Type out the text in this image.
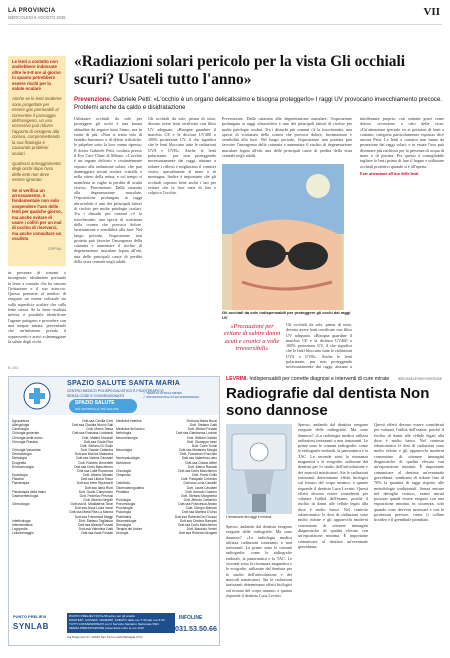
LA PROVINCIA
MERCOLEDÌ 6 AGOSTO 2025	VII

Le lenti a contatto non andrebbero indossate oltre le 6-8 ore al giorno in quanto potrebbero essere rischi per la salute oculare

Anche se le lenti moderne sono progettate per essere gas permeabili al consentire il passaggio dell'ossigeno, un uso eccessivo può ridurre l'apporto di ossigeno alla cornea, compromettendo la sua fisiologia e causando problemi oculari

Qualsiasi armeggiamento degli occhi dopo l'uso delle lenti non deve essere ignorato

Se si verifica un arrossamento, è fondamentale non solo sospendere l'uso delle lenti per qualche giorno, ma anche evitare di usare i colliri per un mal di occhio di riservarci, ma anche consultare un oculista

GIPPIAL
«Radiazioni solari pericolo per la vista Gli occhiali scuri? Usateli tutto l'anno»

Prevenzione. Gabriele Petti: «L'occhio è un organo delicatissimo e bisogna proteggerlo» I raggi UV provocano invecchiamento precoce. Problemi anche da caldo e disidratazione

in presenza di sintomi o insorgenze, idealmente portando la lente a contatto che ha causato l'irritazione e il suo astuccio. Questo permette al medico di eseguire un esame colturale sia sulla superficie oculare che sulla lente stessa. Se la lente risultata infetta, è possibile identificare l'agente patogeno e procedere con una terapia mirata, prevenendo che un'infezione prenda il sopravvento e arrivi a danneggiare la salute degli occhi.
E. DIC
Utilizzare occhiali da sole per proteggere gli occhi è una buona abitudine da seguire tutto l'anno, ma in estate di più. «Non si tratta solo di fastidio luminoso o di difese stilistiche: le palpebre sotto la luce vanno ripresa» Il dottor Gabriele Petti, oculista presso il Eye Care Clinic di Milano. «L'occhio è un organo delicato e costantemente esposto alla radiazione solare, che può danneggiare tessuti oculari: cristalli, e nella vitreo della retina, e col tempo si manifesta in rughe la perdita di acuità visiva». Prevenzione. Dalla cataratta alla degenerazione maculare, l'esposizione prolungata ai raggi ultravioletti è uno dei principali fattori di rischio per molte patologie oculari. Tra i disturbi più comuni c'è la fotocheratite, una specie di scottatura della cornea che provoca dolore, lacrimazione e sensibilità alla luce. Nel lungo periodo, l'esposizione non protetta può favorire l'insorgenza della cataratta e aumentare il rischio di degenerazione maculare legata all'età, una delle principali cause di perdita della vista centrale negli adulti.
Gli occhiali da sole, prima di tutto, devono avere lenti certificate con filtro UV adeguato. «Bisogna guardare il marchio CE e la dicitura UV400 o 100% protezione UV, il che significa che le lenti bloccano tutte le radiazioni UVA e UVB». Anche le lenti polarizzate, pur non proteggendo necessariamente dai raggi, aiutano a ridurre i riflessi e migliorano il comfort visivo, specialmente al mare o in montagna. Inoltre è importante che gli occhiali coprano bene anche i lati per evitare che la luce entri di lato e colpisca l'occhio.
Prevenzione. Dalla cataratta alla degenerazione maculare, l'esposizione prolungata ai raggi ultravioletti è uno dei principali fattori di rischio per molte patologie oculari. Tra i disturbi più comuni c'è la fotocheratite, una specie di scottatura della cornea che provoca dolore, lacrimazione e sensibilità alla luce. Nel lungo periodo, l'esposizione non protetta può favorire l'insorgenza della cataratta e aumentare il rischio di degenerazione maculare legata all'età, una delle principali cause di perdita della vista centrale negli adulti.
Gli occhiali da sole indispensabili per proteggere gli occhi dai raggi UV
«Precauzioni per evitare di subire danni acuti e cronici a volte irreversibili»
Gli occhiali da sole, prima di tutto, devono avere lenti certificate con filtro UV adeguato. «Bisogna guardare il marchio CE e la dicitura UV400 o 100% protezione UV, il che significa che le lenti bloccano tutte le radiazioni UVA e UVB». Anche le lenti polarizzate, pur non proteggendo necessariamente dai raggi, aiutano a
intolleranze proprio, con sintomi gravi come dolore, secrezione o calo della vista. «Un'attenzione speciale va ai portatori di lenti a contatto, categoria particolarmente esposta» dice ancora Petti. Le lenti a contatto non fanno da protezione dai raggi solari, e in estate l'uso può diventare più rischioso per la presenza di acqua di mare o di piscina. Per questo è consigliabile togliere le lenti prima di fare il bagno e utilizzare occhiali protettivi quando si è all'aperto.
Fate attenzione all'uso delle lenti
SPAZIO SALUTE SANTA MARIA
CENTRO MEDICO POLISPECIALISTICO E FISIOTERAPICO
SENZA CODE E CONVENZIONATO
SPAZIO SALUTE
PIÙ CONTROLLO, PIÙ SALUTE
✓ TEMPI DI ATTESA MINIMI
✓ PROFESSIONALITÀ ED ESPERIENZA
Agopuntura	Dott.ssa Cecilia Corti
Allergologia	Dott.ssa Claudia Nuovo Sali
Cardiologia	Dott. Marco Tassa
Chirurgia generale	Dott.ssa Rossana Lombardi
Chirurgia della mano	Dott. Matteo Morandi
Chirurgia Plastica	Dott.ssa Giulia Riva
Dott. Stefano Di Giulio
Chirurgia Vascolare	Dott. Davide Calandra
Dermatologia	Dott.ssa Monica Maiorana
Dietologia	Dott.ssa Valeria Giussani
Ecografia	Dott. Roberto Benedetti
Endocrinologia	Dott.ssa Doris Manchinero
Dott.ssa Lidia Rozanova
Epatologia	Dott. Alberto Mariani
Fisiatria	Dott.ssa Liliana Tosco
Fisioterapia	Dott.ssa Irene Ripamonti
Dott.ssa Ilaria Rizzi
Fisioterapia della mano	Dott. Guido Camposino
Gastroenterologia	Dott. Federico Preziosi
Dott. Alberto Negrini
Ginecologia	Dott.ssa M. Maddalena Tanzi
Dott.ssa Anna Lucia Vanzi
Dott.ssa Maria Rita La Manna
Dott.ssa Francesca Maggi
Infettivologia	Dott. Stefano Tagliabue
Infermieristica	Dott.ssa Alessia Fossati
Logopedia	Dott.ssa Valentina Gatti
Linfodrenaggio	Dott.ssa Ilaria Fossati
Medicina estetica	Dott.ssa Marta Buzzi
Dott. Stefano Gatti
Medicina del lavoro	Dott. Miriam Fossati
Nefrologia	Dott.ssa Gianfranca Lorenzi
Neurochirurgia	Dott. William Gatiolo
Dott. Giuseppe Ianni
Dott. Carlo Tonoli
Neurologia	Dott.ssa Marianna Morgia
Dott. Francesco Rocchini
Neuropsicologia	Dott.ssa Valentina Latro
Nutrizione	Dott.ssa Chiara Alfieri
Dott. Marco Rancati
Oncologia	Dott.ssa Doris Manchinero
Ortopedia	Dott. Paolo Grillo
Dott. Pasquale Colombo
Ostetricia	Dott.ssa Lucia Cavallin
Otorinolaringoiatria	Dott. Laura Cavalleri
Pediatria	Dott. Antonio Guarino
Dott. Stefano Margherita
Podologia	Dott. Alfredo Camerino
Pneumologia	Dott.ssa Francesca Amato
Proctologia	Dott. Giorgio Mancini
Psicologia	Dott.ssa Martina D'Urso
Psichiatria	Dott.ssa Roberta Del Grosso
Reumatologia	Dott.ssa Cristina Rampini
Senologia	Dott.ssa Doris Manchinero
Terapia del dolore	Dott. Maurizio Venini
Urologia	Dott.ssa Roberta Neugerti
PUNTO PRELIEVI
SYNLAB
PUNTO PRELIEVI SYNLAB attivo per gli analisi
MARTEDÌ, GIOVEDÌ, VENERDÌ, SABATO dalle ore 7:30 alle ore 9:30
TUTTI CONVENZIONATI con il Servizio Sanitario Nazionale SSN
SENZA PRENOTAZIONE presentarsi entro le ore 9:00
Via Rigamonti 27, 22040 San Fermo della Battaglia (CO)
INFOLINE
031.53.50.66
LEVRINI. Indispensabili per corrette diagnosi e interventi di cure mirate	BREVASELEVRIN RISPONDE
Radiografie dal dentista Non sono dannose
L'emissione dei raggi è minima
Spesso, andando dal dentista vengono eseguite delle radiografie. Ma sono dannose? «La radiologia medica utilizza radiazioni ionizzanti a non ionizzanti. Le prime sono le comuni radiografie, come le radiografie endorali, la panoramica e la TAC. Le seconde sono la risonanza magnetica e le ecografie, utilizzate dal dentista per lo studio dell'articolazione e dei muscoli masticatori. Sia le radiazioni ionizzanti determinano effetti biologici sul tessuto del corpo umano» a quanto risponde il dentista Luca Levrini.
Spesso, andando dal dentista vengono eseguite delle radiografie. Ma sono dannose? «La radiologia medica utilizza radiazioni ionizzanti a non ionizzanti. Le prime sono le comuni radiografie, come le radiografie endorali, la panoramica e la TAC. Le seconde sono la risonanza magnetica e le ecografie, utilizzate dal dentista per lo studio dell'articolazione e dei muscoli masticatori. Sia le radiazioni ionizzanti determinano effetti biologici sul tessuto del corpo umano» a quanto risponde il dentista Luca Levrini. Questi effetti devono essere considerati per valutare l'utilità dell'esame, poiché il rischio di danni alle cellule legati alla dose è molto basso. Nel contesto odontoiatrico le dosi di radiazioni sono molto ridotte e gli apparecchi moderni consentono di ottenere immagini diagnostiche di qualità elevata con un'esposizione minima. È importante comunicare al dentista un'eventuale gravidanza.
Questi effetti devono essere considerati per valutare l'utilità dell'esame, poiché il rischio di danni alle cellule legati alla dose è molto basso. Nel contesto odontoiatrico le dosi di radiazioni sono molto ridotte e gli apparecchi moderni consentono di ottenere immagini diagnostiche di qualità elevata con un'esposizione minima. È importante comunicare al dentista un'eventuale gravidanza. sembrano di ridurre fino al 70% la quantità di raggi rispetto alle metodologie tradizionali. Senza entrare nel dettaglio tecnico, esami mirati possono quindi essere eseguiti con una esposizione minima, in sicurezza, solo quando sono davvero necessari e con le protezioni previste, come il collare tiroideo e il grembiule piombato.
